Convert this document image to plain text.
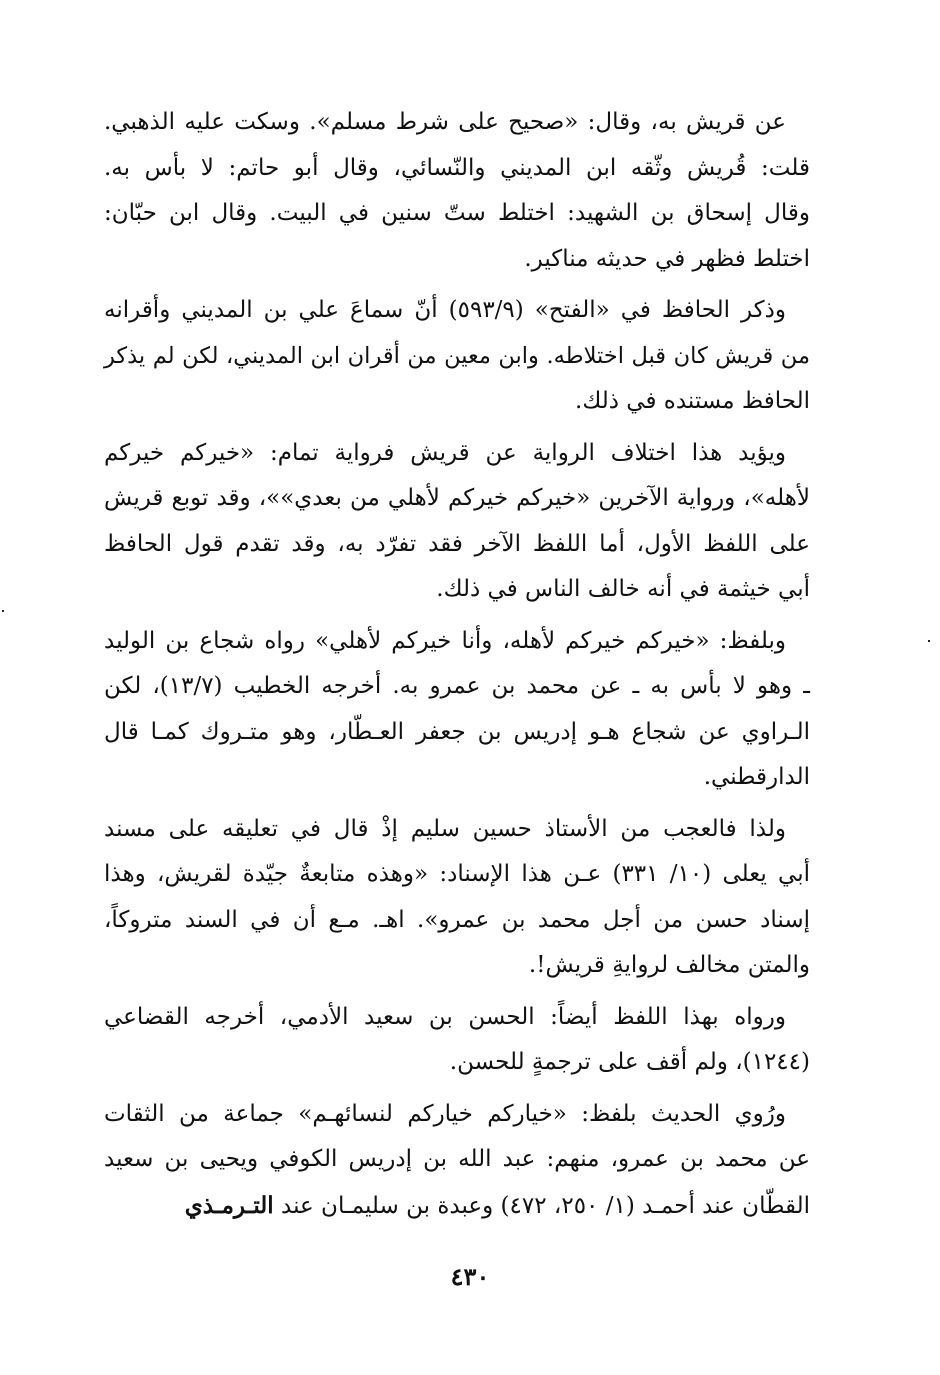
عن قريش به، وقال: «صحيح على شرط مسلم». وسكت عليه الذهبي.
قلت: قُريش وثّقه ابن المديني والنّسائي، وقال أبو حاتم: لا بأس به.
وقال إسحاق بن الشهيد: اختلط ستّ سنين في البيت. وقال ابن حبّان:
اختلط فظهر في حديثه مناكير.
وذكر الحافظ في «الفتح» (٥٩٣/٩) أنّ سماعَ علي بن المديني وأقرانه
من قريش كان قبل اختلاطه. وابن معين من أقران ابن المديني، لكن لم يذكر
الحافظ مستنده في ذلك.
ويؤيد هذا اختلاف الرواية عن قريش فرواية تمام: «خيركم خيركم
لأهله»، ورواية الآخرين «خيركم خيركم لأهلي من بعدي»»، وقد توبع قريش
على اللفظ الأول، أما اللفظ الآخر فقد تفرّد به، وقد تقدم قول الحافظ
أبي خيثمة في أنه خالف الناس في ذلك.
وبلفظ: «خيركم خيركم لأهله، وأنا خيركم لأهلي» رواه شجاع بن الوليد
ـ وهو لا بأس به ـ عن محمد بن عمرو به. أخرجه الخطيب (١٣/٧)، لكن
الـراوي عن شجاع هـو إدريس بن جعفر العـطّار، وهو متـروك كمـا قال
الدارقطني.
ولذا فالعجب من الأستاذ حسين سليم إذْ قال في تعليقه على مسند
أبي يعلى (١٠/ ٣٣١) عـن هذا الإسناد: «وهذه متابعةٌ جيّدة لقريش، وهذا
إسناد حسن من أجل محمد بن عمرو». اهـ. مـع أن في السند متروكاً،
والمتن مخالف لروايةِ قريش!.
ورواه بهذا اللفظ أيضاً: الحسن بن سعيد الأدمي، أخرجه القضاعي
(١٢٤٤)، ولم أقف على ترجمةٍ للحسن.
ورُوي الحديث بلفظ: «خياركم خياركم لنسائهـم» جماعة من الثقات
عن محمد بن عمرو، منهم: عبد الله بن إدريس الكوفي ويحيى بن سعيد
القطّان عند أحمـد (١/ ٢٥٠، ٤٧٢) وعبدة بن سليمـان عند التـرمـذي
٤٣٠
